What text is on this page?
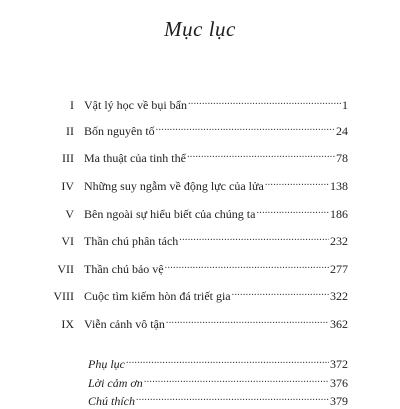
Mục lục
I Vật lý học về bụi bẩn .....	1
II Bốn nguyên tố .....	24
III Ma thuật của tinh thể .....	78
IV Những suy ngẫm về động lực của lửa .....	138
V Bên ngoài sự hiểu biết của chúng ta .....	186
VI Thần chú phân tách .....	232
VII Thần chú bảo vệ .....	277
VIII Cuộc tìm kiếm hòn đá triết gia .....	322
IX Viễn cảnh vô tận .....	362
Phụ lục .....	372
Lời cảm ơn .....	376
Chú thích .....	379
